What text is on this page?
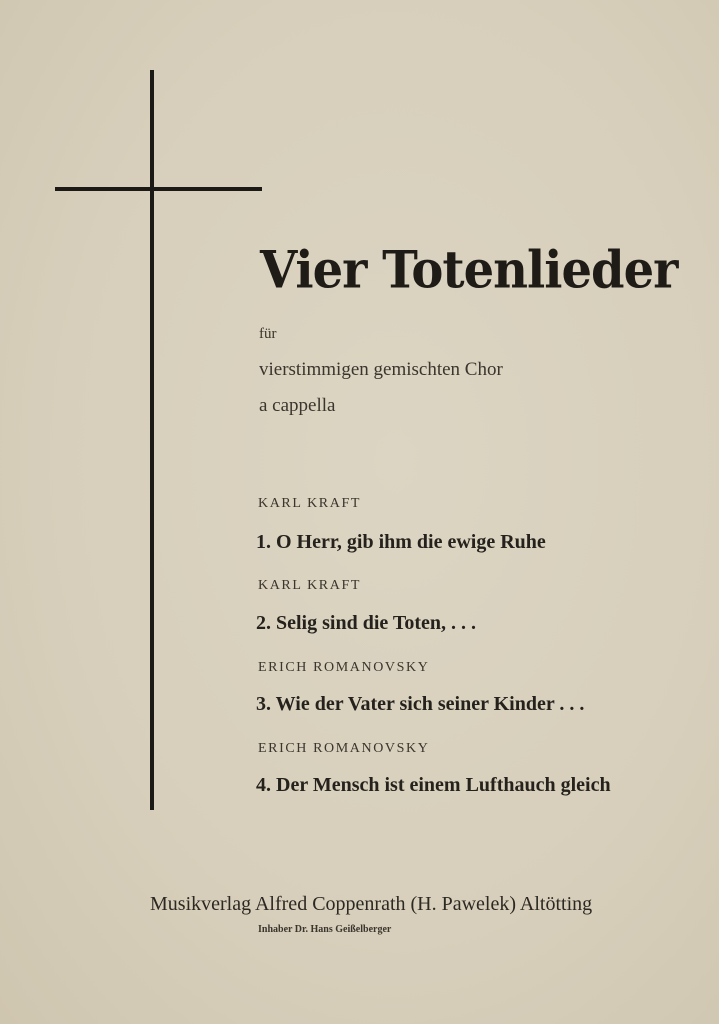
Vier Totenlieder

für

vierstimmigen gemischten Chor

a cappella

KARL KRAFT

1. O Herr, gib ihm die ewige Ruhe

KARL KRAFT

2. Selig sind die Toten, . . .

ERICH ROMANOVSKY

3. Wie der Vater sich seiner Kinder . . .

ERICH ROMANOVSKY

4. Der Mensch ist einem Lufthauch gleich

Musikverlag Alfred Coppenrath (H. Pawelek) Altötting

Inhaber Dr. Hans Geißelberger
